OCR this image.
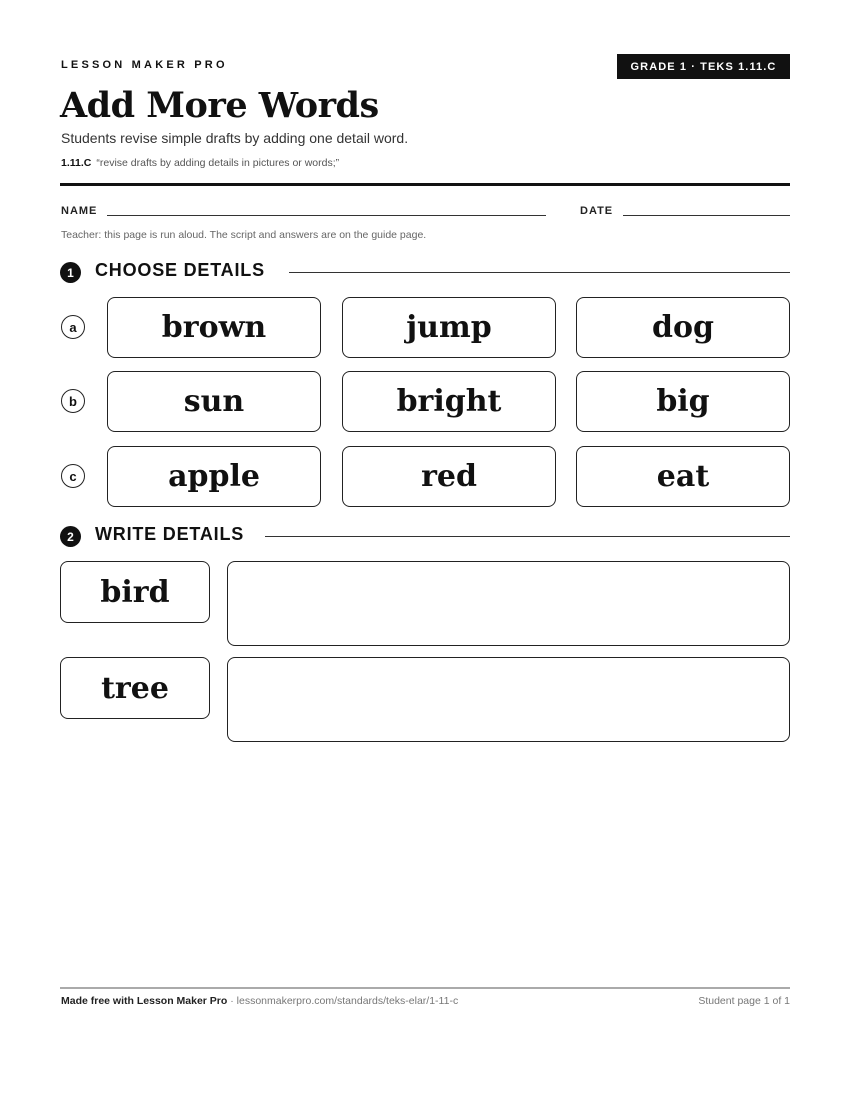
LESSON MAKER PRO	GRADE 1 · TEKS 1.11.C
Add More Words
Students revise simple drafts by adding one detail word.
1.11.C “revise drafts by adding details in pictures or words;”
NAME	DATE
Teacher: this page is run aloud. The script and answers are on the guide page.
1	CHOOSE DETAILS
a	brown	jump	dog
b	sun	bright	big
c	apple	red	eat
2	WRITE DETAILS
bird
tree
Made free with Lesson Maker Pro · lessonmakerpro.com/standards/teks-elar/1-11-c	Student page 1 of 1
